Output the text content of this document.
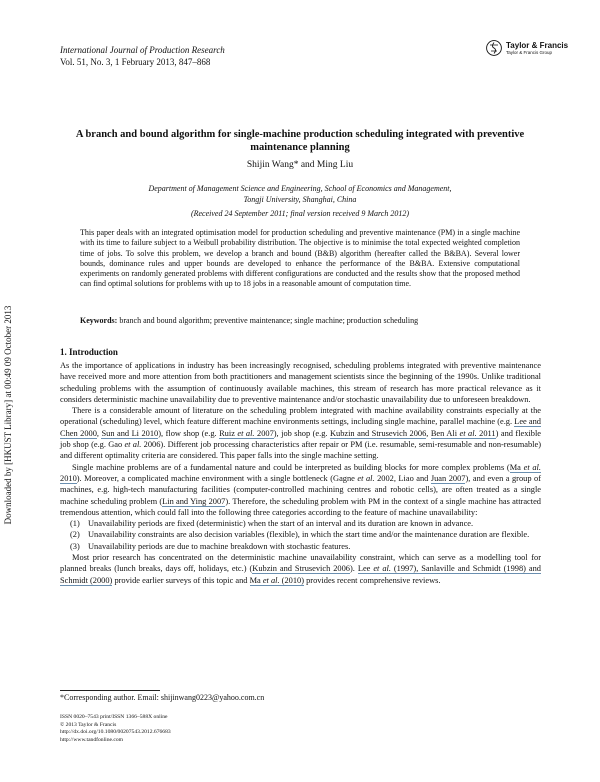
International Journal of Production Research
Vol. 51, No. 3, 1 February 2013, 847–868
Taylor & Francis
Taylor & Francis Group
Downloaded by [HKUST Library] at 00:49 09 October 2013
A branch and bound algorithm for single-machine production scheduling integrated with preventive maintenance planning
Shijin Wang* and Ming Liu
Department of Management Science and Engineering, School of Economics and Management,
Tongji University, Shanghai, China
(Received 24 September 2011; final version received 9 March 2012)

This paper deals with an integrated optimisation model for production scheduling and preventive maintenance (PM) in a single machine with its time to failure subject to a Weibull probability distribution. The objective is to minimise the total expected weighted completion time of jobs. To solve this problem, we develop a branch and bound (B&B) algorithm (hereafter called the B&BA). Several lower bounds, dominance rules and upper bounds are developed to enhance the performance of the B&BA. Extensive computational experiments on randomly generated problems with different configurations are conducted and the results show that the proposed method can find optimal solutions for problems with up to 18 jobs in a reasonable amount of computation time.

Keywords: branch and bound algorithm; preventive maintenance; single machine; production scheduling
1. Introduction

As the importance of applications in industry has been increasingly recognised, scheduling problems integrated with preventive maintenance have received more and more attention from both practitioners and management scientists since the beginning of the 1990s. Unlike traditional scheduling problems with the assumption of continuously available machines, this stream of research has more practical relevance as it considers deterministic machine unavailability due to preventive maintenance and/or stochastic unavailability due to unforeseen breakdown.

There is a considerable amount of literature on the scheduling problem integrated with machine availability constraints especially at the operational (scheduling) level, which feature different machine environments settings, including single machine, parallel machine (e.g. Lee and Chen 2000, Sun and Li 2010), flow shop (e.g. Ruiz et al. 2007), job shop (e.g. Kubzin and Strusevich 2006, Ben Ali et al. 2011) and flexible job shop (e.g. Gao et al. 2006). Different job processing characteristics after repair or PM (i.e. resumable, semi-resumable and non-resumable) and different optimality criteria are considered. This paper falls into the single machine setting.

Single machine problems are of a fundamental nature and could be interpreted as building blocks for more complex problems (Ma et al. 2010). Moreover, a complicated machine environment with a single bottleneck (Gagne et al. 2002, Liao and Juan 2007), and even a group of machines, e.g. high-tech manufacturing facilities (computer-controlled machining centres and robotic cells), are often treated as a single machine scheduling problem (Lin and Ying 2007). Therefore, the scheduling problem with PM in the context of a single machine has attracted tremendous attention, which could fall into the following three categories according to the feature of machine unavailability:

(1) Unavailability periods are fixed (deterministic) when the start of an interval and its duration are known in advance.
(2) Unavailability constraints are also decision variables (flexible), in which the start time and/or the maintenance duration are flexible.
(3) Unavailability periods are due to machine breakdown with stochastic features.

Most prior research has concentrated on the deterministic machine unavailability constraint, which can serve as a modelling tool for planned breaks (lunch breaks, days off, holidays, etc.) (Kubzin and Strusevich 2006). Lee et al. (1997), Sanlaville and Schmidt (1998) and Schmidt (2000) provide earlier surveys of this topic and Ma et al. (2010) provides recent comprehensive reviews.

*Corresponding author. Email: shijinwang0223@yahoo.com.cn
ISSN 0020–7543 print/ISSN 1366–588X online
© 2013 Taylor & Francis
http://dx.doi.org/10.1080/00207543.2012.676683
http://www.tandfonline.com
